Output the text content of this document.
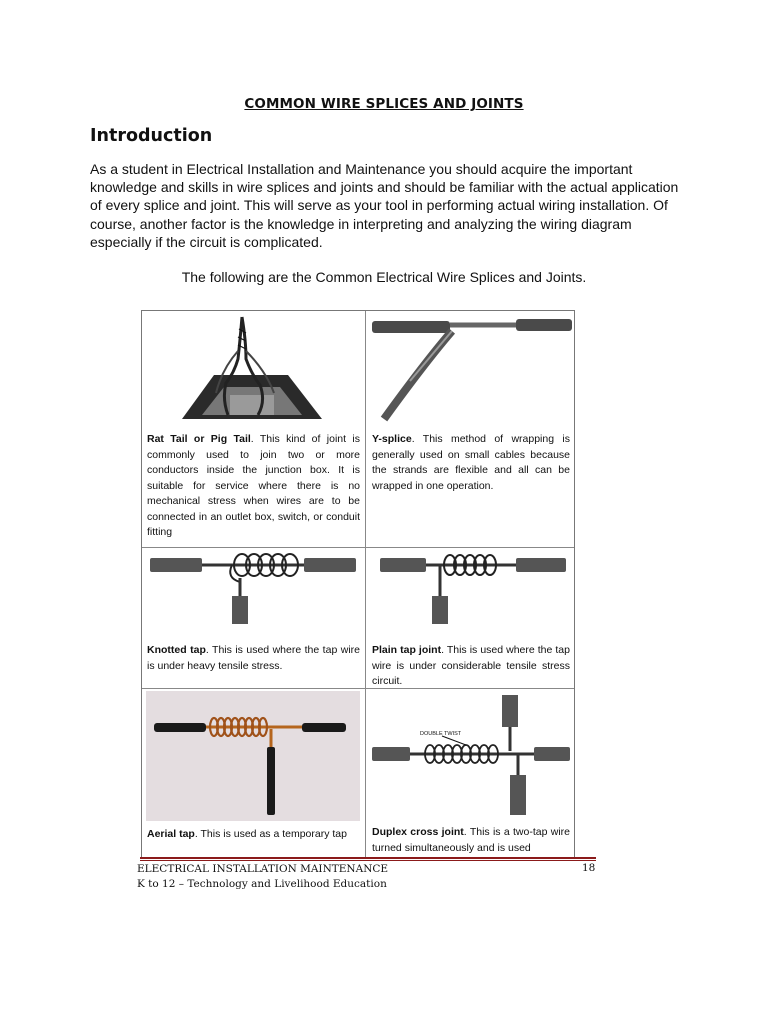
COMMON WIRE SPLICES AND JOINTS
Introduction
As a student in Electrical Installation and Maintenance you should acquire the important knowledge and skills in wire splices and joints and should be familiar with the actual application of every splice and joint. This will serve as your tool in performing actual wiring installation. Of course, another factor is the knowledge in interpreting and analyzing the wiring diagram especially if the circuit is complicated.
The following are the Common Electrical Wire Splices and Joints.
Rat Tail or Pig Tail. This kind of joint is commonly used to join two or more conductors inside the junction box. It is suitable for service where there is no mechanical stress when wires are to be connected in an outlet box, switch, or conduit fitting
Y-splice. This method of wrapping is generally used on small cables because the strands are flexible and all can be wrapped in one operation.
Knotted tap. This is used where the tap wire is under heavy tensile stress.
Plain tap joint. This is used where the tap wire is under considerable tensile stress circuit.
Aerial tap. This is used as a temporary tap
DOUBLE TWIST
Duplex cross joint. This is a two-tap wire turned simultaneously and is used
ELECTRICAL INSTALLATION MAINTENANCE
K to 12 – Technology and Livelihood Education
18
